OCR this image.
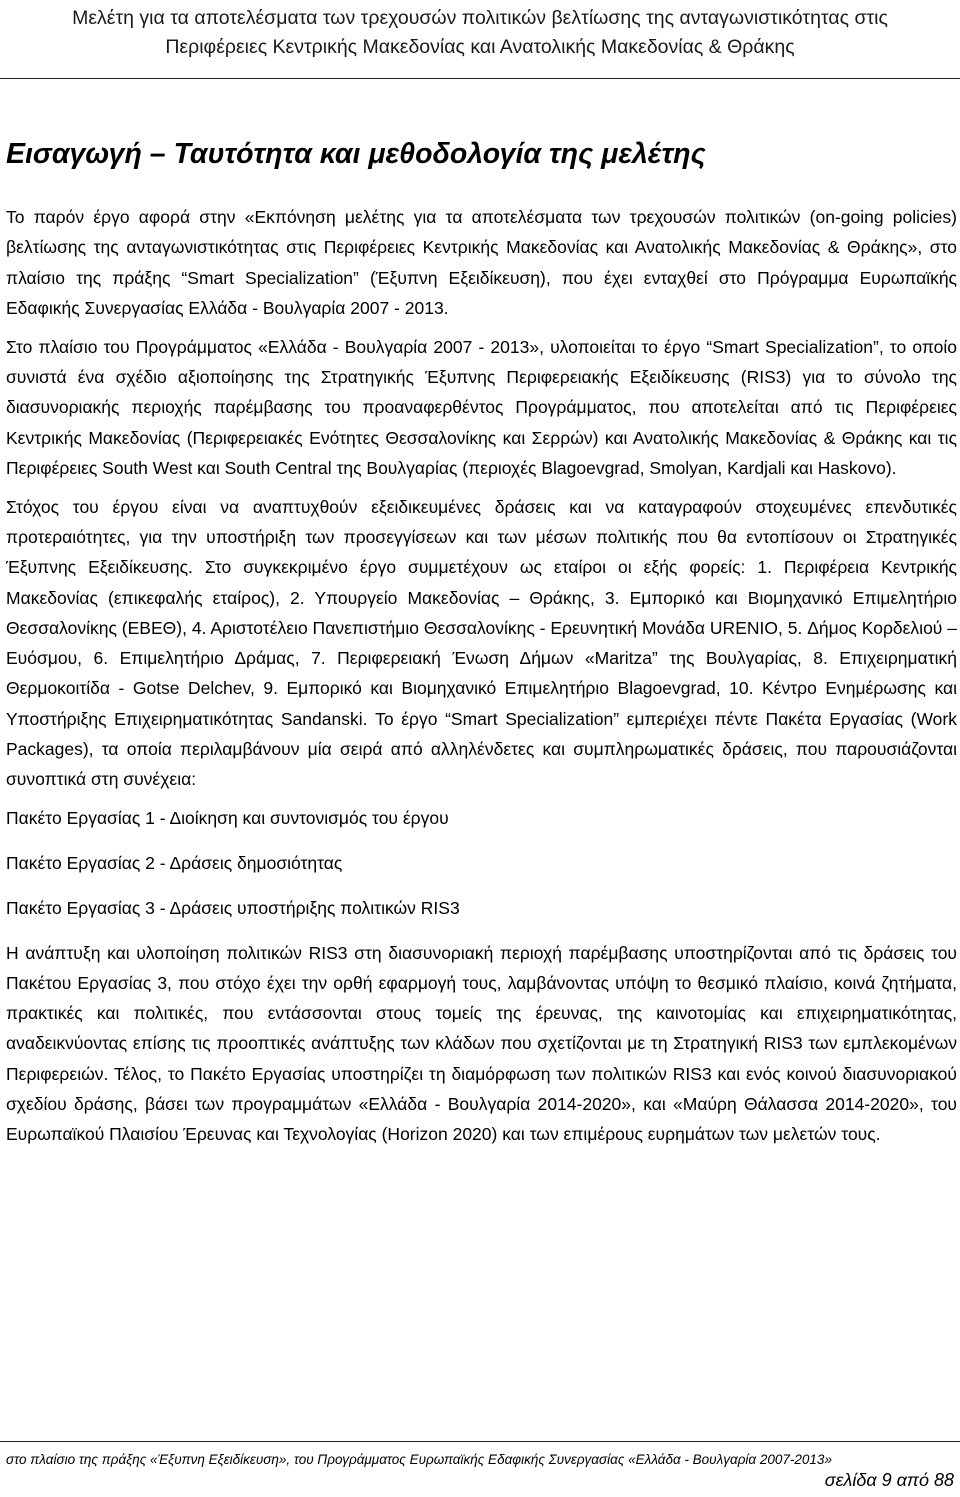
Μελέτη για τα αποτελέσματα των τρεχουσών πολιτικών βελτίωσης της ανταγωνιστικότητας στις
Περιφέρειες Κεντρικής Μακεδονίας και Ανατολικής Μακεδονίας & Θράκης
Εισαγωγή – Ταυτότητα και μεθοδολογία της μελέτης

Το παρόν έργο αφορά στην «Εκπόνηση μελέτης για τα αποτελέσματα των τρεχουσών πολιτικών (on-going policies) βελτίωσης της ανταγωνιστικότητας στις Περιφέρειες Κεντρικής Μακεδονίας και Ανατολικής Μακεδονίας & Θράκης», στο πλαίσιο της πράξης “Smart Specialization” (Έξυπνη Εξειδίκευση), που έχει ενταχθεί στο Πρόγραμμα Ευρωπαϊκής Εδαφικής Συνεργασίας Ελλάδα - Βουλγαρία 2007 - 2013.

Στο πλαίσιο του Προγράμματος «Ελλάδα - Βουλγαρία 2007 - 2013», υλοποιείται το έργο “Smart Specialization”, το οποίο συνιστά ένα σχέδιο αξιοποίησης της Στρατηγικής Έξυπνης Περιφερειακής Εξειδίκευσης (RIS3) για το σύνολο της διασυνοριακής περιοχής παρέμβασης του προαναφερθέντος Προγράμματος, που αποτελείται από τις Περιφέρειες Κεντρικής Μακεδονίας (Περιφερειακές Ενότητες Θεσσαλονίκης και Σερρών) και Ανατολικής Μακεδονίας & Θράκης και τις Περιφέρειες South West και South Central της Βουλγαρίας (περιοχές Blagoevgrad, Smolyan, Kardjali και Haskovo).

Στόχος του έργου είναι να αναπτυχθούν εξειδικευμένες δράσεις και να καταγραφούν στοχευμένες επενδυτικές προτεραιότητες, για την υποστήριξη των προσεγγίσεων και των μέσων πολιτικής που θα εντοπίσουν οι Στρατηγικές Έξυπνης Εξειδίκευσης. Στο συγκεκριμένο έργο συμμετέχουν ως εταίροι οι εξής φορείς: 1. Περιφέρεια Κεντρικής Μακεδονίας (επικεφαλής εταίρος), 2. Υπουργείο Μακεδονίας – Θράκης, 3. Εμπορικό και Βιομηχανικό Επιμελητήριο Θεσσαλονίκης (ΕΒΕΘ), 4. Αριστοτέλειο Πανεπιστήμιο Θεσσαλονίκης - Ερευνητική Μονάδα URENIO, 5. Δήμος Κορδελιού – Ευόσμου, 6. Επιμελητήριο Δράμας, 7. Περιφερειακή Ένωση Δήμων «Maritza” της Βουλγαρίας, 8. Επιχειρηματική Θερμοκοιτίδα - Gotse Delchev, 9. Εμπορικό και Βιομηχανικό Επιμελητήριο Blagoevgrad, 10. Κέντρο Ενημέρωσης και Υποστήριξης Επιχειρηματικότητας Sandanski. Το έργο “Smart Specialization” εμπεριέχει πέντε Πακέτα Εργασίας (Work Packages), τα οποία περιλαμβάνουν μία σειρά από αλληλένδετες και συμπληρωματικές δράσεις, που παρουσιάζονται συνοπτικά στη συνέχεια:

Πακέτο Εργασίας 1 - Διοίκηση και συντονισμός του έργου

Πακέτο Εργασίας 2 - Δράσεις δημοσιότητας

Πακέτο Εργασίας 3 - Δράσεις υποστήριξης πολιτικών RIS3

Η ανάπτυξη και υλοποίηση πολιτικών RIS3 στη διασυνοριακή περιοχή παρέμβασης υποστηρίζονται από τις δράσεις του Πακέτου Εργασίας 3, που στόχο έχει την ορθή εφαρμογή τους, λαμβάνοντας υπόψη το θεσμικό πλαίσιο, κοινά ζητήματα, πρακτικές και πολιτικές, που εντάσσονται στους τομείς της έρευνας, της καινοτομίας και επιχειρηματικότητας, αναδεικνύοντας επίσης τις προοπτικές ανάπτυξης των κλάδων που σχετίζονται με τη Στρατηγική RIS3 των εμπλεκομένων Περιφερειών. Τέλος, το Πακέτο Εργασίας υποστηρίζει τη διαμόρφωση των πολιτικών RIS3 και ενός κοινού διασυνοριακού σχεδίου δράσης, βάσει των προγραμμάτων «Ελλάδα - Βουλγαρία 2014-2020», και «Μαύρη Θάλασσα 2014-2020», του Ευρωπαϊκού Πλαισίου Έρευνας και Τεχνολογίας (Horizon 2020) και των επιμέρους ευρημάτων των μελετών τους.

στο πλαίσιο της πράξης «Έξυπνη Εξειδίκευση», του Προγράμματος Ευρωπαϊκής Εδαφικής Συνεργασίας «Ελλάδα - Βουλγαρία 2007-2013»
σελίδα 9 από 88
